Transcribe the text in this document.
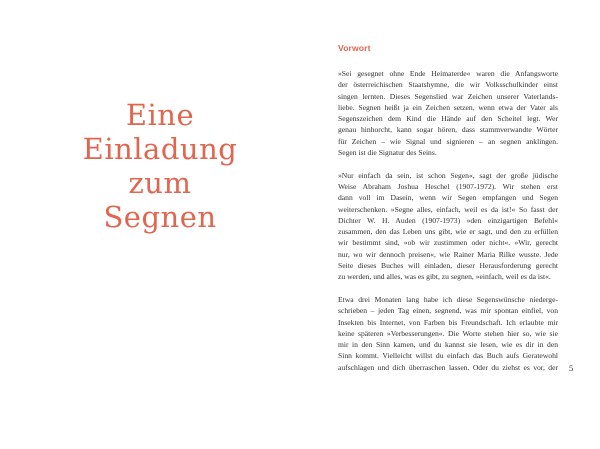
Eine
Einladung
zum
Segnen
Vorwort
»Sei gesegnet ohne Ende Heimaterde« waren die Anfangsworte
der österreichischen Staatshymne, die wir Volksschulkinder einst
singen lernten. Dieses Segenslied war Zeichen unserer Vaterlands-
liebe. Segnen heißt ja ein Zeichen setzen, wenn etwa der Vater als
Segenszeichen dem Kind die Hände auf den Scheitel legt. Wer
genau hinhorcht, kann sogar hören, dass stammverwandte Wörter
für Zeichen – wie Signal und signieren – an segnen anklingen.
Segen ist die Signatur des Seins.
»Nur einfach da sein, ist schon Segen«, sagt der große jüdische
Weise Abraham Joshua Heschel (1907-1972). Wir stehen erst
dann voll im Dasein, wenn wir Segen empfangen und Segen
weiterschenken. »Segne alles, einfach, weil es da ist!« So fasst der
Dichter W. H. Auden (1907-1973) »den einzigartigen Befehl«
zusammen, den das Leben uns gibt, wie er sagt, und den zu erfüllen
wir bestimmt sind, »ob wir zustimmen oder nicht«. »Wir, gerecht
nur, wo wir dennoch preisen«, wie Rainer Maria Rilke wusste. Jede
Seite dieses Buches will einladen, dieser Herausforderung gerecht
zu werden, und alles, was es gibt, zu segnen, »einfach, weil es da ist«.
Etwa drei Monaten lang habe ich diese Segenswünsche niederge-
schrieben – jeden Tag einen, segnend, was mir spontan einfiel, von
Insekten bis Internet, von Farben bis Freundschaft. Ich erlaubte mir
keine späteren »Verbesserungen«. Die Worte stehen hier so, wie sie
mir in den Sinn kamen, und du kannst sie lesen, wie es dir in den
Sinn kommt. Vielleicht willst du einfach das Buch aufs Geratewohl
aufschlagen und dich überraschen lassen. Oder du ziehst es vor, der 5
